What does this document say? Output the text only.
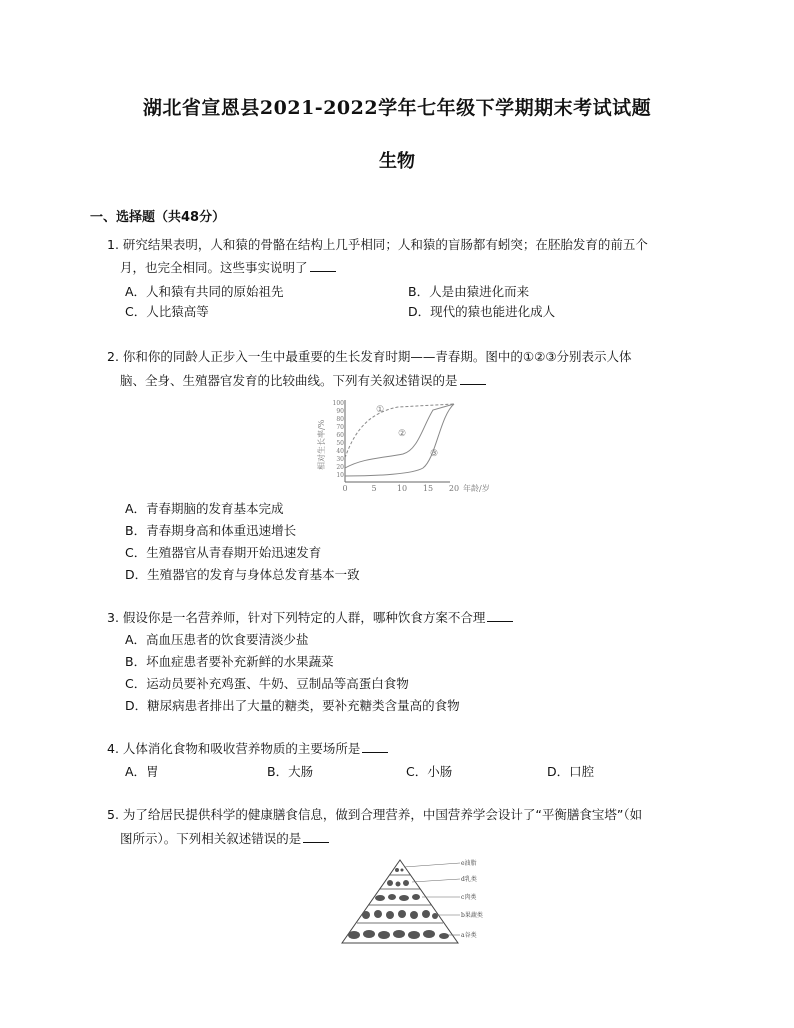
湖北省宣恩县2021-2022学年七年级下学期期末考试试题
生物
一、选择题（共48分）
1. 研究结果表明，人和猿的骨骼在结构上几乎相同；人和猿的盲肠都有蚓突；在胚胎发育的前五个
月，也完全相同。这些事实说明了
A．人和猿有共同的原始祖先	B．人是由猿进化而来
C．人比猿高等	D．现代的猿也能进化成人
2. 你和你的同龄人正步入一生中最重要的生长发育时期——青春期。图中的①②③分别表示人体
脑、全身、生殖器官发育的比较曲线。下列有关叙述错误的是
相对生长率/%
100
90
80
70
60
50
40
30
20
10
0	5	10 15 20 年龄/岁
①
②
③
A．青春期脑的发育基本完成
B．青春期身高和体重迅速增长
C．生殖器官从青春期开始迅速发育
D．生殖器官的发育与身体总发育基本一致
3. 假设你是一名营养师，针对下列特定的人群，哪种饮食方案不合理
A．高血压患者的饮食要清淡少盐
B．坏血症患者要补充新鲜的水果蔬菜
C．运动员要补充鸡蛋、牛奶、豆制品等高蛋白食物
D．糖尿病患者排出了大量的糖类，要补充糖类含量高的食物
4. 人体消化食物和吸收营养物质的主要场所是
A．胃	B．大肠	C．小肠	D．口腔
5. 为了给居民提供科学的健康膳食信息，做到合理营养，中国营养学会设计了“平衡膳食宝塔”（如
图所示）。下列相关叙述错误的是
e油脂
d乳类
c肉类
b果蔬类
a谷类
